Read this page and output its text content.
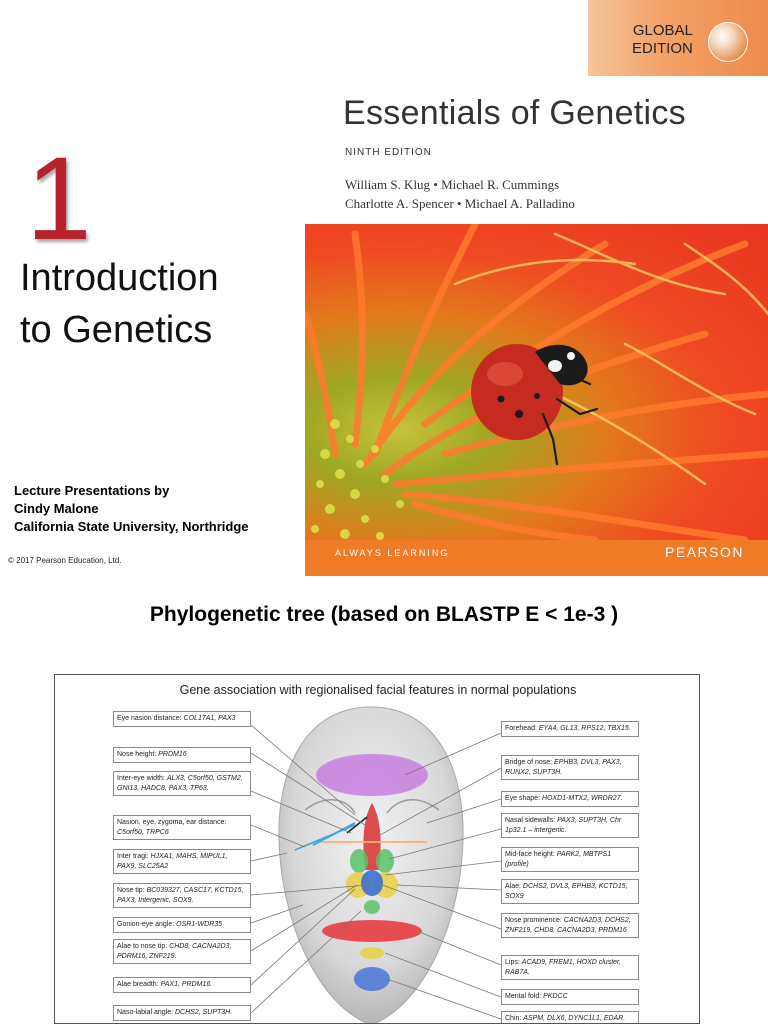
1
Introduction
to Genetics
Lecture Presentations by
Cindy Malone
California State University, Northridge
© 2017 Pearson Education, Ltd.
GLOBAL
EDITION
Essentials of Genetics
NINTH EDITION
William S. Klug • Michael R. Cummings
Charlotte A. Spencer • Michael A. Palladino
ALWAYS LEARNING	PEARSON
Phylogenetic tree (based on BLASTP E < 1e-3 )
Gene association with regionalised facial features in normal populations
Eye nasion distance: COL17A1, PAX3
Nose height: PRDM16
Inter-eye width: ALX3, C5orf50, GSTM2, GNI13, HADC8, PAX3, TP63.
Nasion, eye, zygoma, ear distance: C5orf50, TRPC6
Inter tragi: HJXA1, MAHS, MIPUL1, PAX9, SLC25A2
Nose tip: BC039327, CASC17, KCTD15, PAX3, Intergenic, SOX9.
Gonion-eye angle: OSR1-WDR35
Alae to nose tip: CHD8, CACNA2D3, PDRM16, ZNF219.
Alae breadth: PAX1, PRDM16.
Naso-labial angle: DCHS2, SUPT3H.
Forehead: EYA4, GL13, RPS12, TBX15.
Bridge of nose: EPHB3, DVL3, PAX3, RUNX2, SUPT3H.
Eye shape: HOXD1-MTX2, WRDR27.
Nasal sidewalls: PAX3, SUPT3H, Chr 1p32.1 – intergenic.
Mid-face height: PARK2, MBTPS1 (profile)
Alae: DCHS2, DVL3, EPHB3, KCTD15, SOX9
Nose prominence: CACNA2D3, DCHS2, ZNF219, CHD8, CACNA2D3, PRDM16
Lips: ACAD9, FREM1, HOXD cluster, RAB7A.
Mental fold: PKDCC
Chin: ASPM, DLX6, DYNC1L1, EDAR.
